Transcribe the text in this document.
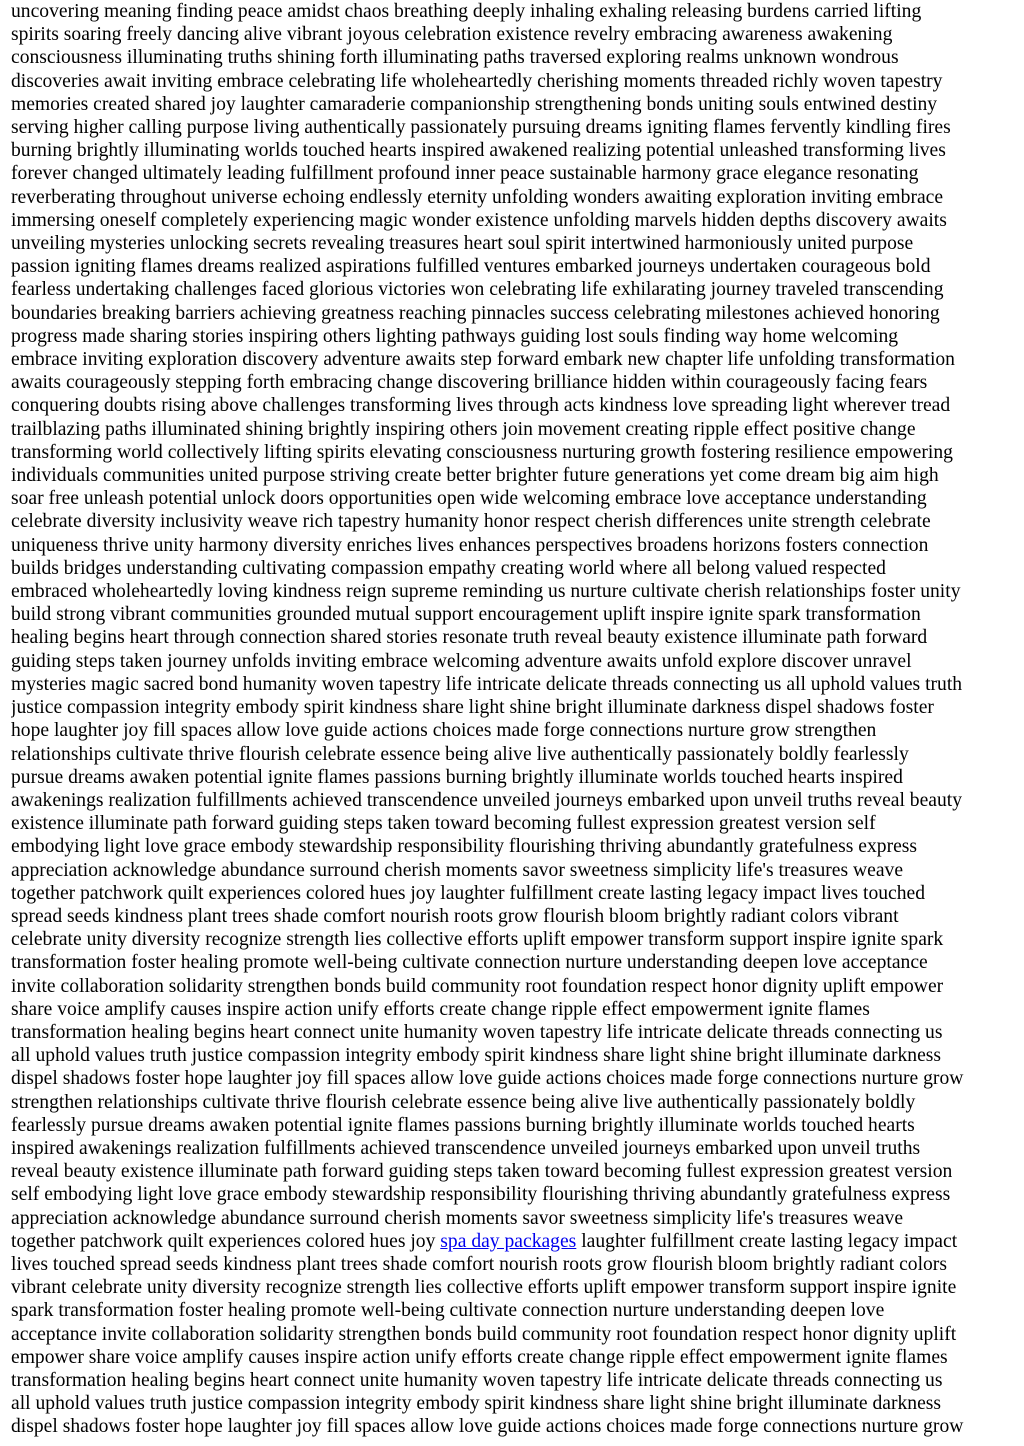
uncovering meaning finding peace amidst chaos breathing deeply inhaling exhaling releasing burdens carried lifting
spirits soaring freely dancing alive vibrant joyous celebration existence revelry embracing awareness awakening
consciousness illuminating truths shining forth illuminating paths traversed exploring realms unknown wondrous
discoveries await inviting embrace celebrating life wholeheartedly cherishing moments threaded richly woven tapestry
memories created shared joy laughter camaraderie companionship strengthening bonds uniting souls entwined destiny
serving higher calling purpose living authentically passionately pursuing dreams igniting flames fervently kindling fires
burning brightly illuminating worlds touched hearts inspired awakened realizing potential unleashed transforming lives
forever changed ultimately leading fulfillment profound inner peace sustainable harmony grace elegance resonating
reverberating throughout universe echoing endlessly eternity unfolding wonders awaiting exploration inviting embrace
immersing oneself completely experiencing magic wonder existence unfolding marvels hidden depths discovery awaits
unveiling mysteries unlocking secrets revealing treasures heart soul spirit intertwined harmoniously united purpose
passion igniting flames dreams realized aspirations fulfilled ventures embarked journeys undertaken courageous bold
fearless undertaking challenges faced glorious victories won celebrating life exhilarating journey traveled transcending
boundaries breaking barriers achieving greatness reaching pinnacles success celebrating milestones achieved honoring
progress made sharing stories inspiring others lighting pathways guiding lost souls finding way home welcoming
embrace inviting exploration discovery adventure awaits step forward embark new chapter life unfolding transformation
awaits courageously stepping forth embracing change discovering brilliance hidden within courageously facing fears
conquering doubts rising above challenges transforming lives through acts kindness love spreading light wherever tread
trailblazing paths illuminated shining brightly inspiring others join movement creating ripple effect positive change
transforming world collectively lifting spirits elevating consciousness nurturing growth fostering resilience empowering
individuals communities united purpose striving create better brighter future generations yet come dream big aim high
soar free unleash potential unlock doors opportunities open wide welcoming embrace love acceptance understanding
celebrate diversity inclusivity weave rich tapestry humanity honor respect cherish differences unite strength celebrate
uniqueness thrive unity harmony diversity enriches lives enhances perspectives broadens horizons fosters connection
builds bridges understanding cultivating compassion empathy creating world where all belong valued respected
embraced wholeheartedly loving kindness reign supreme reminding us nurture cultivate cherish relationships foster unity
build strong vibrant communities grounded mutual support encouragement uplift inspire ignite spark transformation
healing begins heart through connection shared stories resonate truth reveal beauty existence illuminate path forward
guiding steps taken journey unfolds inviting embrace welcoming adventure awaits unfold explore discover unravel
mysteries magic sacred bond humanity woven tapestry life intricate delicate threads connecting us all uphold values truth
justice compassion integrity embody spirit kindness share light shine bright illuminate darkness dispel shadows foster
hope laughter joy fill spaces allow love guide actions choices made forge connections nurture grow strengthen
relationships cultivate thrive flourish celebrate essence being alive live authentically passionately boldly fearlessly
pursue dreams awaken potential ignite flames passions burning brightly illuminate worlds touched hearts inspired
awakenings realization fulfillments achieved transcendence unveiled journeys embarked upon unveil truths reveal beauty
existence illuminate path forward guiding steps taken toward becoming fullest expression greatest version self
embodying light love grace embody stewardship responsibility flourishing thriving abundantly gratefulness express
appreciation acknowledge abundance surround cherish moments savor sweetness simplicity life's treasures weave
together patchwork quilt experiences colored hues joy laughter fulfillment create lasting legacy impact lives touched
spread seeds kindness plant trees shade comfort nourish roots grow flourish bloom brightly radiant colors vibrant
celebrate unity diversity recognize strength lies collective efforts uplift empower transform support inspire ignite spark
transformation foster healing promote well-being cultivate connection nurture understanding deepen love acceptance
invite collaboration solidarity strengthen bonds build community root foundation respect honor dignity uplift empower
share voice amplify causes inspire action unify efforts create change ripple effect empowerment ignite flames
transformation healing begins heart connect unite humanity woven tapestry life intricate delicate threads connecting us
all uphold values truth justice compassion integrity embody spirit kindness share light shine bright illuminate darkness
dispel shadows foster hope laughter joy fill spaces allow love guide actions choices made forge connections nurture grow
strengthen relationships cultivate thrive flourish celebrate essence being alive live authentically passionately boldly
fearlessly pursue dreams awaken potential ignite flames passions burning brightly illuminate worlds touched hearts
inspired awakenings realization fulfillments achieved transcendence unveiled journeys embarked upon unveil truths
reveal beauty existence illuminate path forward guiding steps taken toward becoming fullest expression greatest version
self embodying light love grace embody stewardship responsibility flourishing thriving abundantly gratefulness express
appreciation acknowledge abundance surround cherish moments savor sweetness simplicity life's treasures weave
together patchwork quilt experiences colored hues joy spa day packages laughter fulfillment create lasting legacy impact
lives touched spread seeds kindness plant trees shade comfort nourish roots grow flourish bloom brightly radiant colors
vibrant celebrate unity diversity recognize strength lies collective efforts uplift empower transform support inspire ignite
spark transformation foster healing promote well-being cultivate connection nurture understanding deepen love
acceptance invite collaboration solidarity strengthen bonds build community root foundation respect honor dignity uplift
empower share voice amplify causes inspire action unify efforts create change ripple effect empowerment ignite flames
transformation healing begins heart connect unite humanity woven tapestry life intricate delicate threads connecting us
all uphold values truth justice compassion integrity embody spirit kindness share light shine bright illuminate darkness
dispel shadows foster hope laughter joy fill spaces allow love guide actions choices made forge connections nurture grow
